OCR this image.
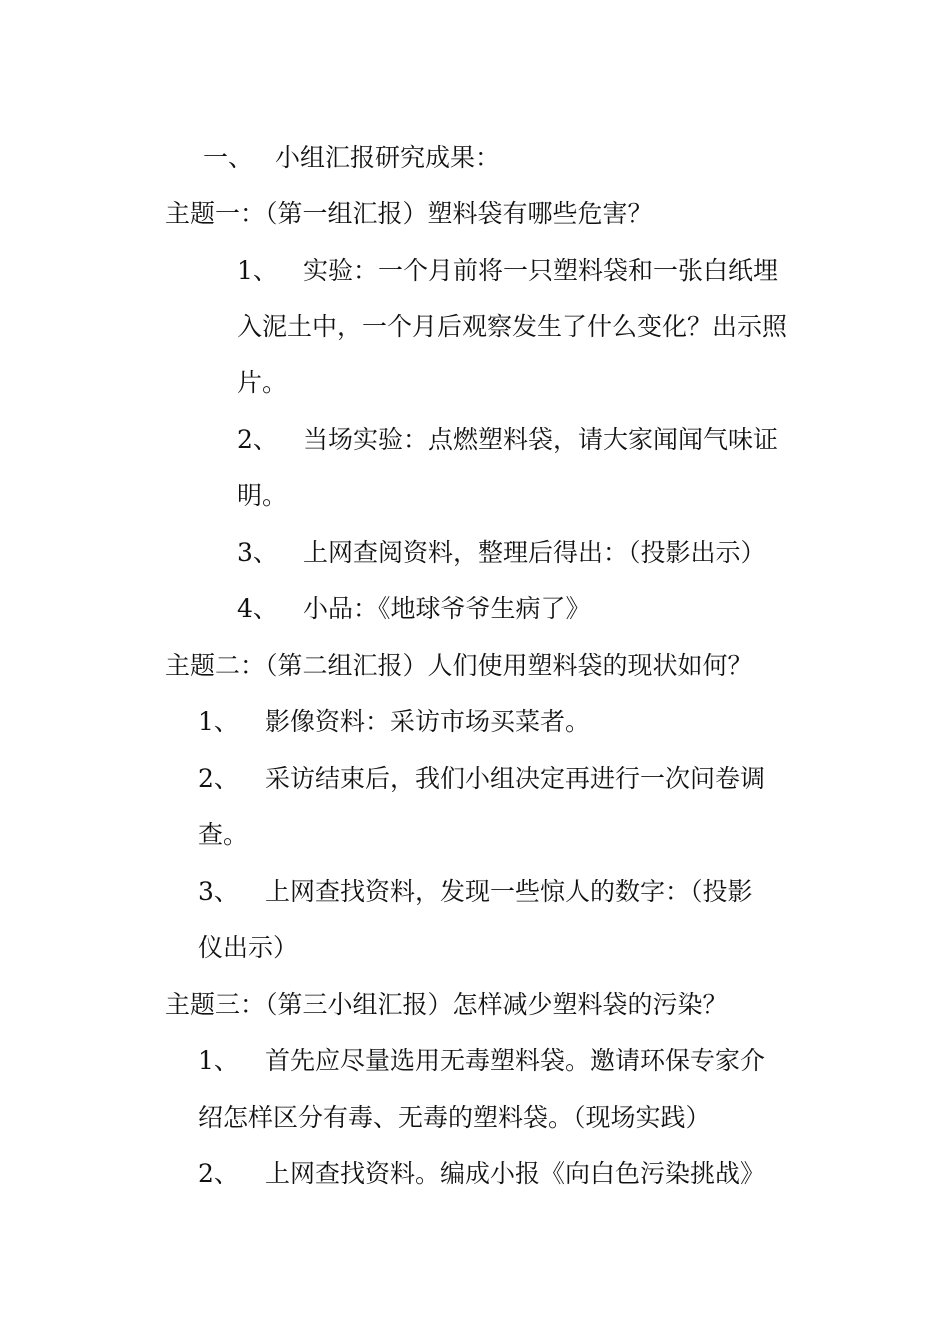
一、 小组汇报研究成果：
主题一：（第一组汇报）塑料袋有哪些危害？
1、 实验：一个月前将一只塑料袋和一张白纸埋
入泥土中，一个月后观察发生了什么变化？出示照
片。
2、 当场实验：点燃塑料袋，请大家闻闻气味证
明。
3、 上网查阅资料，整理后得出：（投影出示）
4、 小品：《地球爷爷生病了》
主题二：（第二组汇报）人们使用塑料袋的现状如何？
1、 影像资料：采访市场买菜者。
2、 采访结束后，我们小组决定再进行一次问卷调
查。
3、 上网查找资料，发现一些惊人的数字：（投影
仪出示）
主题三：（第三小组汇报）怎样减少塑料袋的污染？
1、 首先应尽量选用无毒塑料袋。邀请环保专家介
绍怎样区分有毒、无毒的塑料袋。（现场实践）
2、 上网查找资料。编成小报《向白色污染挑战》
